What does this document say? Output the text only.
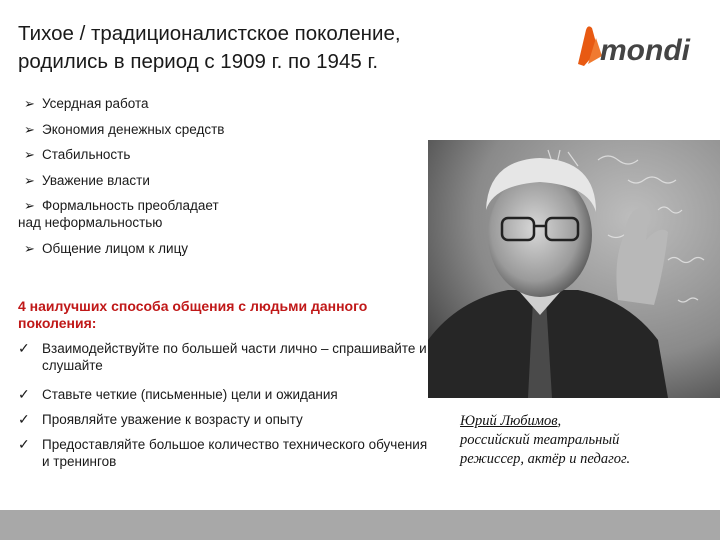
Тихое / традиционалистское поколение,
родились в период с 1909 г. по 1945 г.	mondi
➢ Усердная работа
➢ Экономия денежных средств
➢ Стабильность
➢ Уважение власти
➢ Формальность преобладает
над неформальностью
➢ Общение лицом к лицу
4 наилучших способа общения с людьми данного поколения:
✓ Взаимодействуйте по большей части лично – спрашивайте и слушайте
✓ Ставьте четкие (письменные) цели и ожидания
✓ Проявляйте уважение к возрасту и опыту
✓ Предоставляйте большое количество технического обучения и тренингов
Юрий Любимов,
российский театральный
режиссер, актёр и педагог.
